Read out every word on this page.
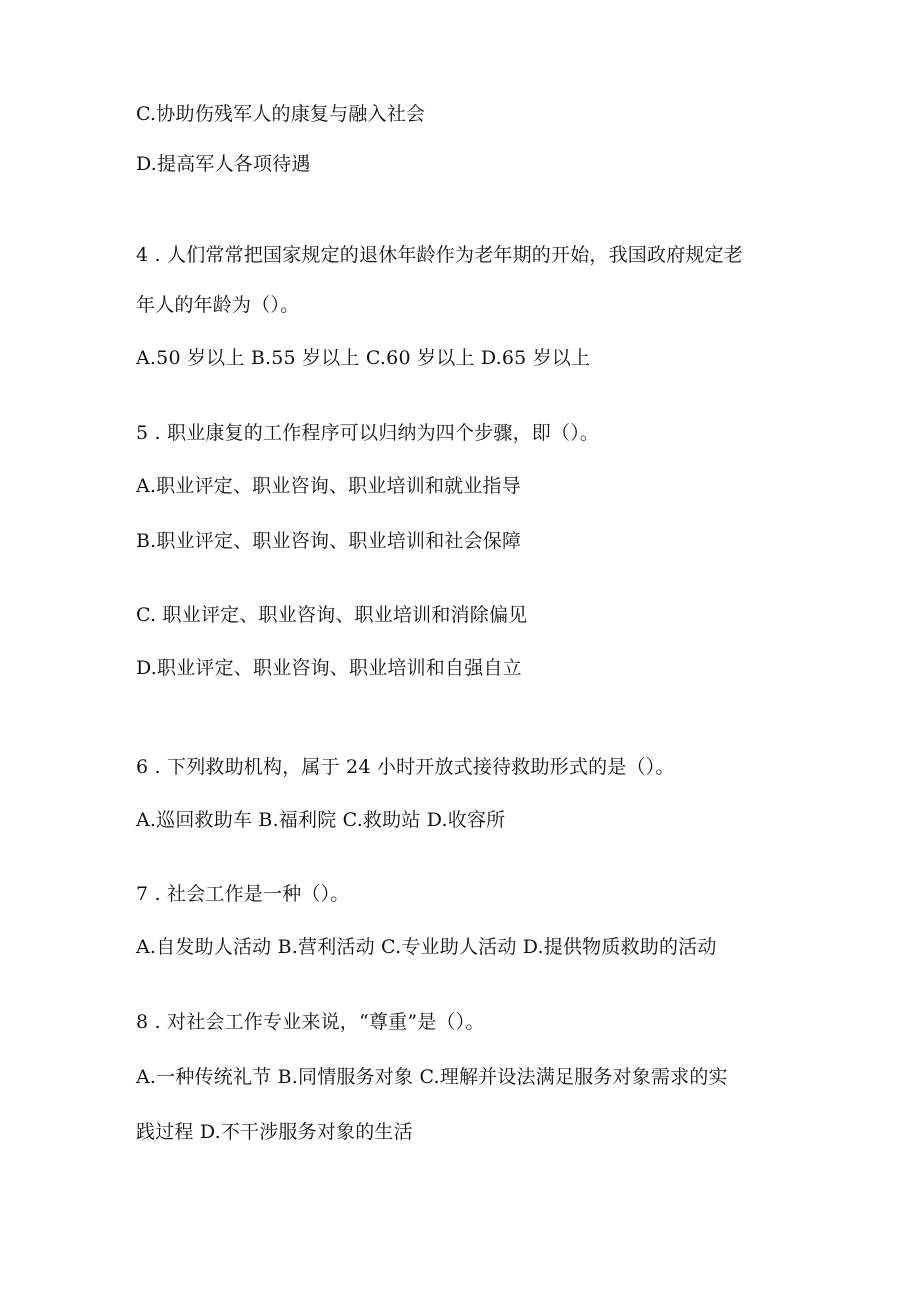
C.协助伤残军人的康复与融入社会
D.提高军人各项待遇
4 . 人们常常把国家规定的退休年龄作为老年期的开始，我国政府规定老
年人的年龄为（）。
A.50 岁以上 B.55 岁以上 C.60 岁以上 D.65 岁以上
5 . 职业康复的工作程序可以归纳为四个步骤，即（）。
A.职业评定、职业咨询、职业培训和就业指导
B.职业评定、职业咨询、职业培训和社会保障
C. 职业评定、职业咨询、职业培训和消除偏见
D.职业评定、职业咨询、职业培训和自强自立
6 . 下列救助机构，属于 24 小时开放式接待救助形式的是（）。
A.巡回救助车 B.福利院 C.救助站 D.收容所
7 . 社会工作是一种（）。
A.自发助人活动 B.营利活动 C.专业助人活动 D.提供物质救助的活动
8 . 对社会工作专业来说，“尊重”是（）。
A.一种传统礼节 B.同情服务对象 C.理解并设法满足服务对象需求的实
践过程 D.不干涉服务对象的生活
